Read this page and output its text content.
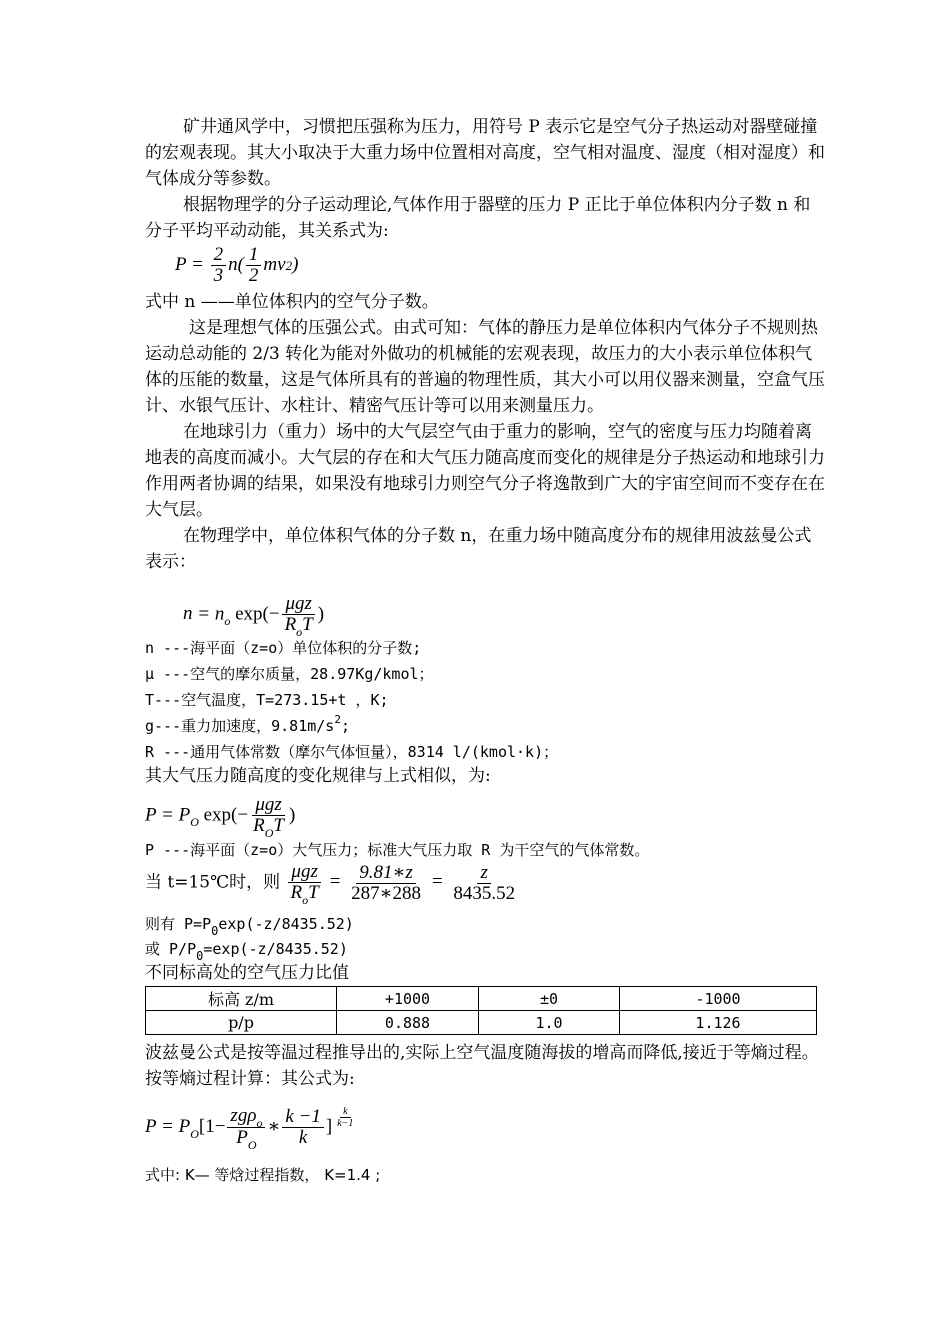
矿井通风学中，习惯把压强称为压力，用符号 P 表示它是空气分子热运动对器壁碰撞的宏观表现。其大小取决于大重力场中位置相对高度，空气相对温度、湿度（相对湿度）和气体成分等参数。

根据物理学的分子运动理论,气体作用于器壁的压力 P 正比于单位体积内分子数 n 和分子平均平动动能，其关系式为:

$P = \frac{2}{3} n( \frac{1}{2} mv2)$

式中 n ——单位体积内的空气分子数。

这是理想气体的压强公式。由式可知：气体的静压力是单位体积内气体分子不规则热运动总动能的 2/3 转化为能对外做功的机械能的宏观表现，故压力的大小表示单位体积气体的压能的数量，这是气体所具有的普遍的物理性质，其大小可以用仪器来测量，空盒气压计、水银气压计、水柱计、精密气压计等可以用来测量压力。

在地球引力（重力）场中的大气层空气由于重力的影响，空气的密度与压力均随着离地表的高度而减小。大气层的存在和大气压力随高度而变化的规律是分子热运动和地球引力作用两者协调的结果，如果没有地球引力则空气分子将逸散到广大的宇宙空间而不变存在在大气层。

在物理学中，单位体积气体的分子数 n，在重力场中随高度分布的规律用波兹曼公式表示：

$n = n_o$ $\exp(- \frac{\text{μgz}}{R_oT}$ )
n ---海平面（z=o）单位体积的分子数;
μ ---空气的摩尔质量，28.97Kg/kmol；
T---空气温度，T=273.15+t ，K;
g---重力加速度，$9.81m/s^2$;
R ---通用气体常数（摩尔气体恒量），8314 l/(kmol·k)；
其大气压力随高度的变化规律与上式相似，为:
$P = P_O$ $\exp(- \frac{\text{μgz}}{R_OT}$ )
P ---海平面（z=o）大气压力；标准大气压力取 R 为干空气的气体常数。
当 t=15℃时，则 $\frac{\text{μgz}}{R_oT} = \frac{9.81∗z}{287∗288} = \frac{z}{8435.52}$
则有 $P=P_0\exp(-z/8435.52)$
或 $P/P_0=\exp(-z/8435.52)$
不同标高处的空气压力比值
标高 z/m	+1000	±0	-1000
p/p	0.888	1.0	1.126

波兹曼公式是按等温过程推导出的,实际上空气温度随海拔的增高而降低,接近于等熵过程。按等熵过程计算：其公式为:

$P = P_O[1- \frac{zg\rho_o}{P_O}$ ∗ $\frac{k -1}{k}$ ] $\frac{k}{k-1}$
式中: K— 等焓过程指数， K=1.4 ;
